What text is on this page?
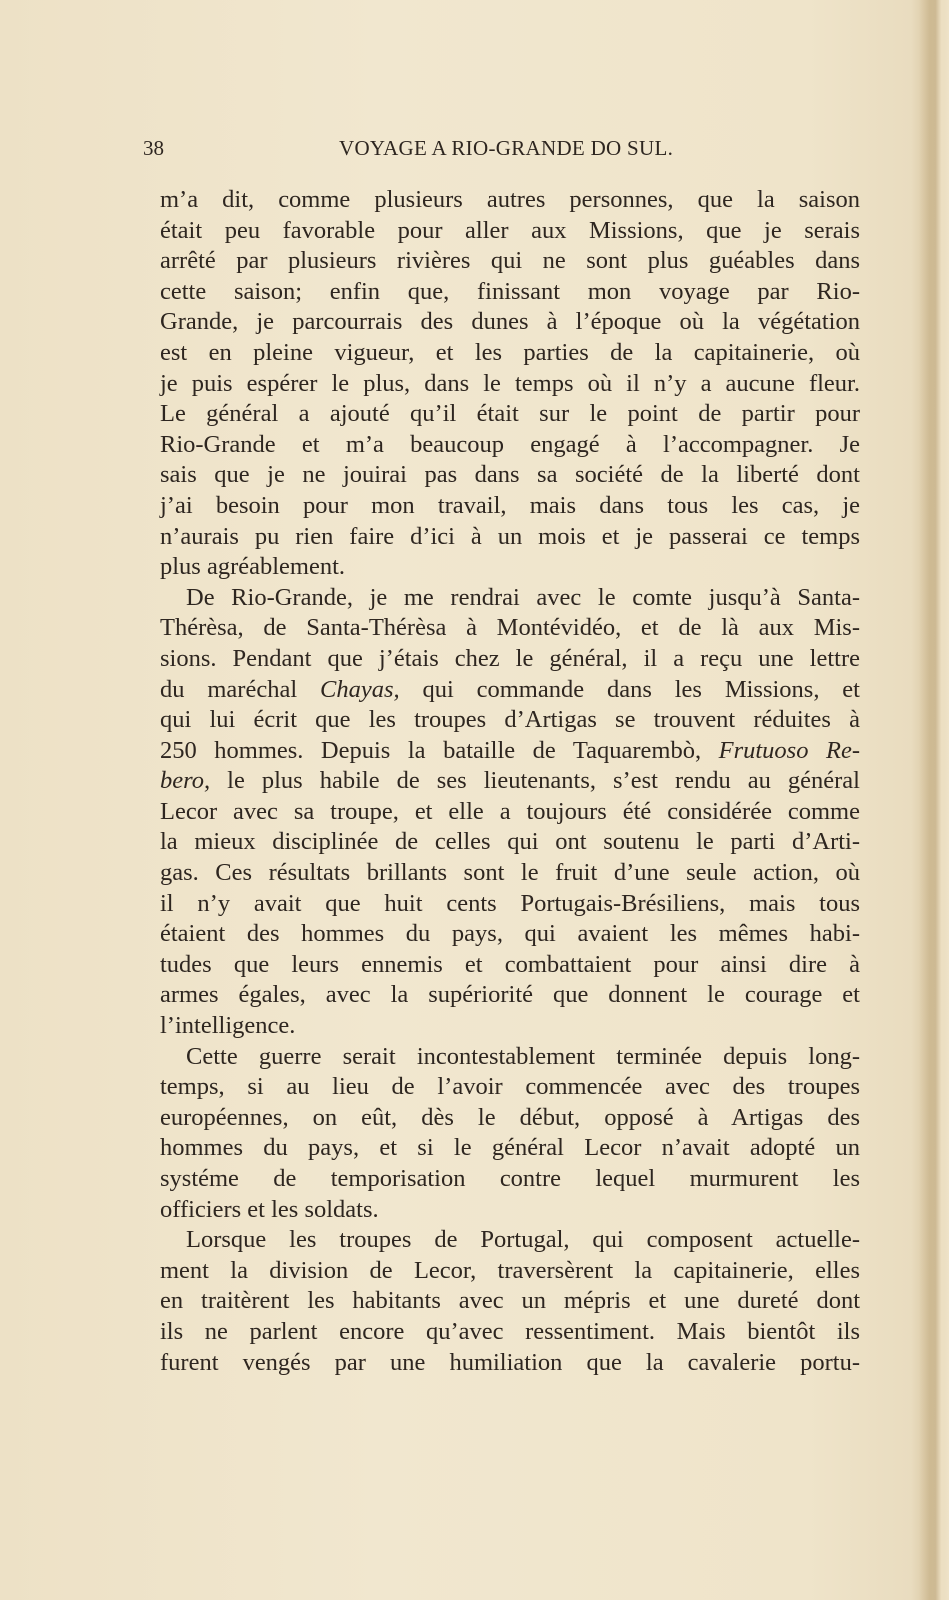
38	VOYAGE A RIO-GRANDE DO SUL.
m’a dit, comme plusieurs autres personnes, que la saison
était peu favorable pour aller aux Missions, que je serais
arrêté par plusieurs rivières qui ne sont plus guéables dans
cette saison; enfin que, finissant mon voyage par Rio-
Grande, je parcourrais des dunes à l’époque où la végétation
est en pleine vigueur, et les parties de la capitainerie, où
je puis espérer le plus, dans le temps où il n’y a aucune fleur.
Le général a ajouté qu’il était sur le point de partir pour
Rio-Grande et m’a beaucoup engagé à l’accompagner. Je
sais que je ne jouirai pas dans sa société de la liberté dont
j’ai besoin pour mon travail, mais dans tous les cas, je
n’aurais pu rien faire d’ici à un mois et je passerai ce temps
plus agréablement.
De Rio-Grande, je me rendrai avec le comte jusqu’à Santa-
Thérèsa, de Santa-Thérèsa à Montévidéo, et de là aux Mis-
sions. Pendant que j’étais chez le général, il a reçu une lettre
du maréchal Chayas, qui commande dans les Missions, et
qui lui écrit que les troupes d’Artigas se trouvent réduites à
250 hommes. Depuis la bataille de Taquarembò, Frutuoso Re-
bero, le plus habile de ses lieutenants, s’est rendu au général
Lecor avec sa troupe, et elle a toujours été considérée comme
la mieux disciplinée de celles qui ont soutenu le parti d’Arti-
gas. Ces résultats brillants sont le fruit d’une seule action, où
il n’y avait que huit cents Portugais-Brésiliens, mais tous
étaient des hommes du pays, qui avaient les mêmes habi-
tudes que leurs ennemis et combattaient pour ainsi dire à
armes égales, avec la supériorité que donnent le courage et
l’intelligence.
Cette guerre serait incontestablement terminée depuis long-
temps, si au lieu de l’avoir commencée avec des troupes
européennes, on eût, dès le début, opposé à Artigas des
hommes du pays, et si le général Lecor n’avait adopté un
systéme de temporisation contre lequel murmurent les
officiers et les soldats.
Lorsque les troupes de Portugal, qui composent actuelle-
ment la division de Lecor, traversèrent la capitainerie, elles
en traitèrent les habitants avec un mépris et une dureté dont
ils ne parlent encore qu’avec ressentiment. Mais bientôt ils
furent vengés par une humiliation que la cavalerie portu-
